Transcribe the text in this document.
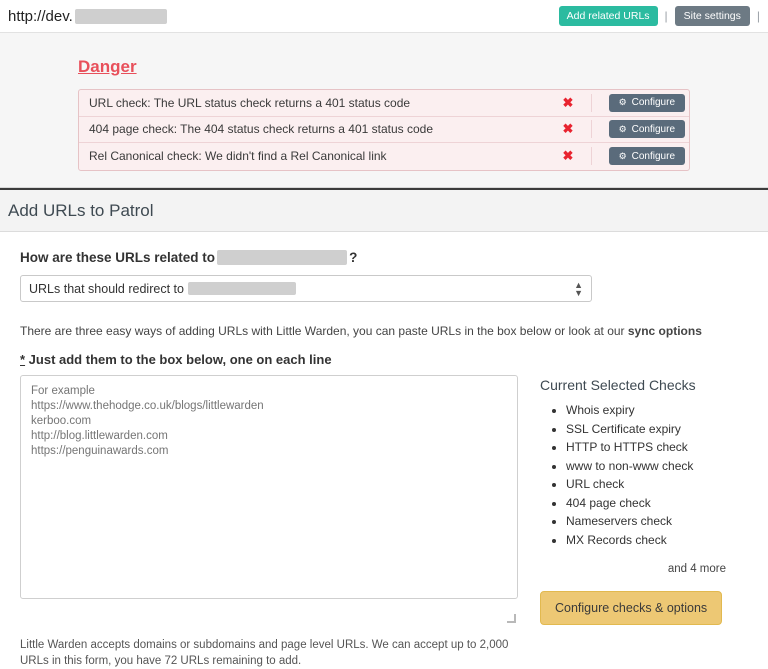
http://dev.	Add related URLs	|	Site settings	|
Danger
URL check: The URL status check returns a 401 status code	✖	⚙ Configure
404 page check: The 404 status check returns a 401 status code	✖	⚙ Configure
Rel Canonical check: We didn't find a Rel Canonical link	✖	⚙ Configure
Add URLs to Patrol
How are these URLs related to	?
URLs that should redirect to	▲
▼
There are three easy ways of adding URLs with Little Warden, you can paste URLs in the box below or look at our sync options
* Just add them to the box below, one on each line
For example https://www.thehodge.co.uk/blogs/littlewarden kerboo.com http://blog.littlewarden.com https://penguinawards.com
Current Selected Checks
• Whois expiry
• SSL Certificate expiry
• HTTP to HTTPS check
• www to non-www check
• URL check
• 404 page check
• Nameservers check
• MX Records check
and 4 more
Configure checks & options
Little Warden accepts domains or subdomains and page level URLs. We can accept up to 2,000 URLs in this form, you have 72 URLs remaining to add.
